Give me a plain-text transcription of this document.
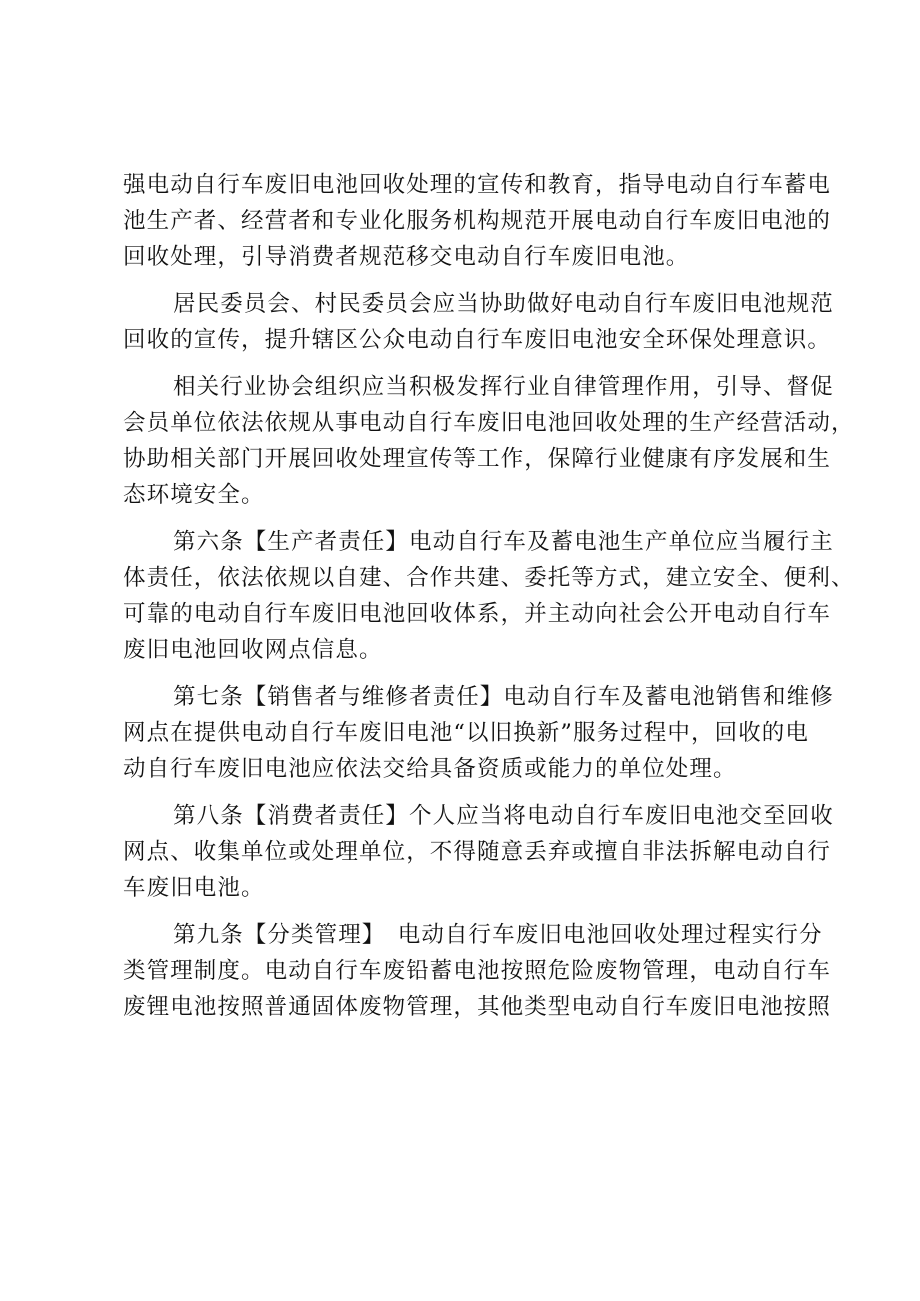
强电动自行车废旧电池回收处理的宣传和教育，指导电动自行车蓄电

池生产者、经营者和专业化服务机构规范开展电动自行车废旧电池的

回收处理，引导消费者规范移交电动自行车废旧电池。

居民委员会、村民委员会应当协助做好电动自行车废旧电池规范

回收的宣传，提升辖区公众电动自行车废旧电池安全环保处理意识。

相关行业协会组织应当积极发挥行业自律管理作用，引导、督促

会员单位依法依规从事电动自行车废旧电池回收处理的生产经营活动，

协助相关部门开展回收处理宣传等工作，保障行业健康有序发展和生

态环境安全。

第六条【生产者责任】电动自行车及蓄电池生产单位应当履行主

体责任，依法依规以自建、合作共建、委托等方式，建立安全、便利、

可靠的电动自行车废旧电池回收体系，并主动向社会公开电动自行车

废旧电池回收网点信息。

第七条【销售者与维修者责任】电动自行车及蓄电池销售和维修

网点在提供电动自行车废旧电池“以旧换新”服务过程中，回收的电

动自行车废旧电池应依法交给具备资质或能力的单位处理。

第八条【消费者责任】个人应当将电动自行车废旧电池交至回收

网点、收集单位或处理单位，不得随意丢弃或擅自非法拆解电动自行

车废旧电池。

第九条【分类管理】　电动自行车废旧电池回收处理过程实行分

类管理制度。电动自行车废铅蓄电池按照危险废物管理，电动自行车

废锂电池按照普通固体废物管理，其他类型电动自行车废旧电池按照
